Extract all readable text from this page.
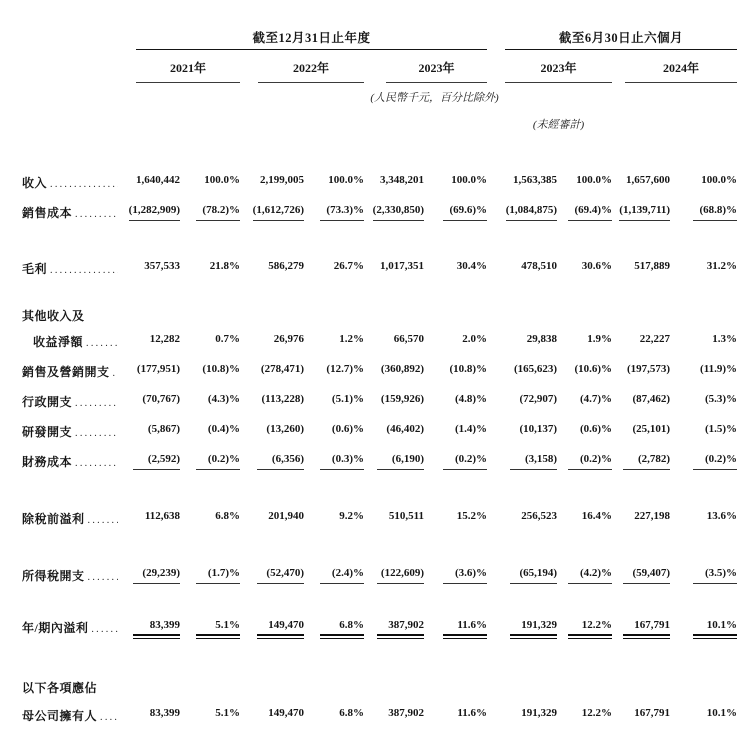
	截至12月31日止年度							截至6月30日止六個月			

	2021年		2022年		2023年			2023年		2024年	

					(人民幣千元，百分比除外)						

								(未經審計)			

收入
.....	1,640,442	100.0%	2,199,005	100.0%	3,348,201	100.0%		1,563,385	100.0%	1,657,600	100.0%

銷售成本
.....	(1,282,909)	(78.2)%	(1,612,726)	(73.3)%	(2,330,850)	(69.6)%		(1,084,875)	(69.4)%	(1,139,711)	(68.8)%

毛利
.....	357,533	21.8%	586,279	26.7%	1,017,351	30.4%		478,510	30.6%	517,889	31.2%

其他收入及											

收益淨額
.....	12,282	0.7%	26,976	1.2%	66,570	2.0%		29,838	1.9%	22,227	1.3%

銷售及營銷開支
.....	(177,951)	(10.8)%	(278,471)	(12.7)%	(360,892)	(10.8)%		(165,623)	(10.6)%	(197,573)	(11.9)%

行政開支
.....	(70,767)	(4.3)%	(113,228)	(5.1)%	(159,926)	(4.8)%		(72,907)	(4.7)%	(87,462)	(5.3)%

研發開支
.....	(5,867)	(0.4)%	(13,260)	(0.6)%	(46,402)	(1.4)%		(10,137)	(0.6)%	(25,101)	(1.5)%

財務成本
.....	(2,592)	(0.2)%	(6,356)	(0.3)%	(6,190)	(0.2)%		(3,158)	(0.2)%	(2,782)	(0.2)%

除稅前溢利
.....	112,638	6.8%	201,940	9.2%	510,511	15.2%		256,523	16.4%	227,198	13.6%

所得稅開支
.....	(29,239)	(1.7)%	(52,470)	(2.4)%	(122,609)	(3.6)%		(65,194)	(4.2)%	(59,407)	(3.5)%

年/期內溢利
.....	83,399	5.1%	149,470	6.8%	387,902	11.6%		191,329	12.2%	167,791	10.1%

以下各項應佔											

母公司擁有人
.....	83,399	5.1%	149,470	6.8%	387,902	11.6%		191,329	12.2%	167,791	10.1%
